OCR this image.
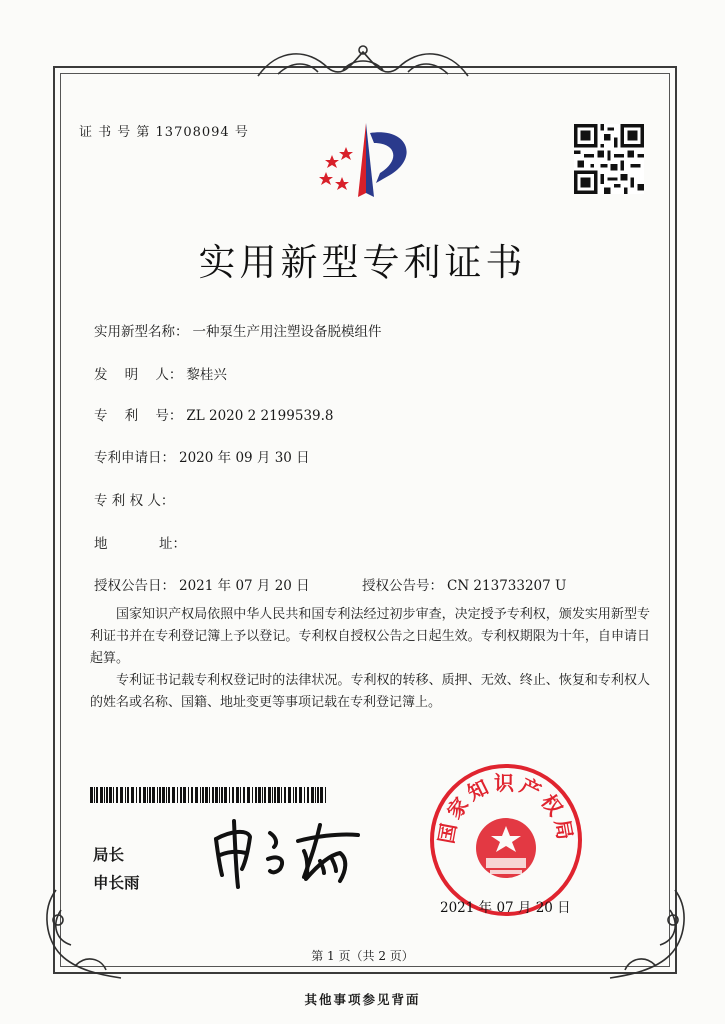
证 书 号 第 13708094 号
实用新型专利证书
实用新型名称： 一种泵生产用注塑设备脱模组件
发    明    人： 黎桂兴
专    利    号： ZL 2020 2 2199539.8
专利申请日： 2020 年 09 月 30 日
专 利 权 人：
地            址：
授权公告日： 2021 年 07 月 20 日	授权公告号： CN 213733207 U
国家知识产权局依照中华人民共和国专利法经过初步审查，决定授予专利权，颁发实用新型专利证书并在专利登记簿上予以登记。专利权自授权公告之日起生效。专利权期限为十年，自申请日起算。
专利证书记载专利权登记时的法律状况。专利权的转移、质押、无效、终止、恢复和专利权人的姓名或名称、国籍、地址变更等事项记载在专利登记簿上。
局长
申长雨
国家知识产权局
2021 年 07 月 20 日
第 1 页（共 2 页）
其他事项参见背面
